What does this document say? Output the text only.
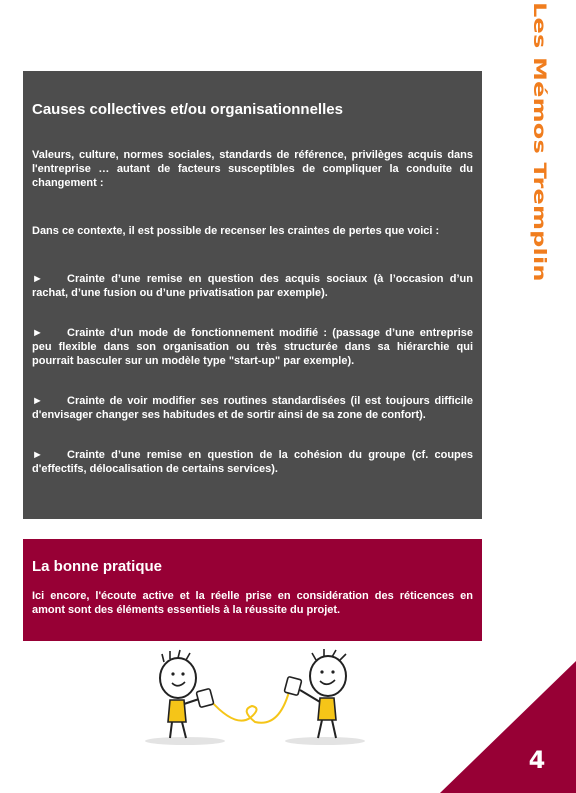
Les Mémos Tremplin
Causes collectives et/ou organisationnelles

Valeurs, culture, normes sociales, standards de référence, privilèges acquis dans l'entreprise … autant de facteurs susceptibles de compliquer la conduite du changement :

Dans ce contexte, il est possible de recenser les craintes de pertes que voici :

► Crainte d’une remise en question des acquis sociaux (à l’occasion d’un rachat, d’une fusion ou d’une privatisation par exemple).

► Crainte d’un mode de fonctionnement modifié : (passage d’une entreprise peu flexible dans son organisation ou très structurée dans sa hiérarchie qui pourrait basculer sur un modèle type "start-up" par exemple).

► Crainte de voir modifier ses routines standardisées (il est toujours difficile d'envisager changer ses habitudes et de sortir ainsi de sa zone de confort).

► Crainte d’une remise en question de la cohésion du groupe (cf. coupes d'effectifs, délocalisation de certains services).

La bonne pratique

Ici encore, l'écoute active et la réelle prise en considération des réticences en amont sont des éléments essentiels à la réussite du projet.

4
